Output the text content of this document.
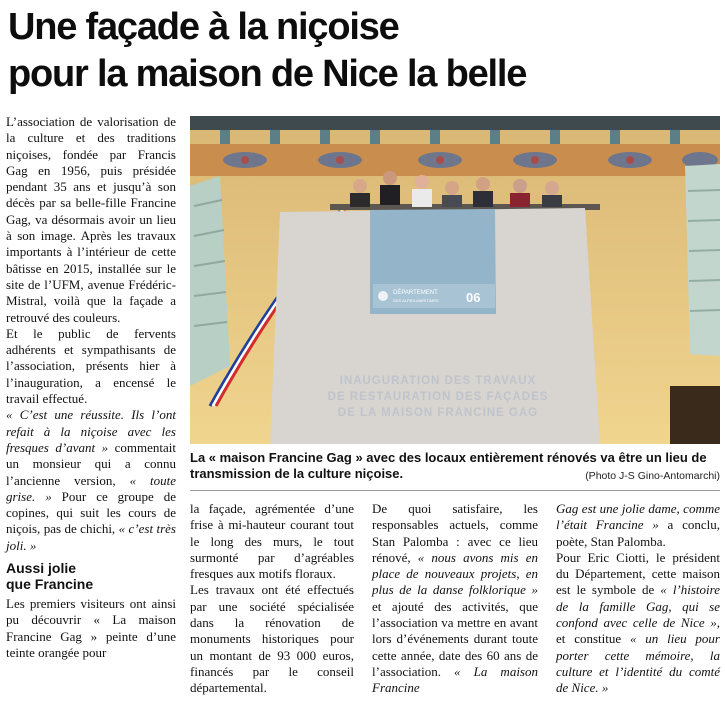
Une façade à la niçoise
pour la maison de Nice la belle

L’association de valorisation de la culture et des traditions niçoises, fondée par Francis Gag en 1956, puis présidée pendant 35 ans et jusqu’à son décès par sa belle-fille Francine Gag, va désormais avoir un lieu à son image. Après les travaux importants à l’intérieur de cette bâtisse en 2015, installée sur le site de l’UFM, avenue Frédéric-Mistral, voilà que la façade a retrouvé des couleurs.

Et le public de fervents adhérents et sympathisants de l’association, présents hier à l’inauguration, a encensé le travail effectué.

« C’est une réussite. Ils l’ont refait à la niçoise avec les fresques d’avant » commentait un monsieur qui a connu l’ancienne version, « toute grise. » Pour ce groupe de copines, qui suit les cours de niçois, pas de chichi, « c’est très joli. »

Aussi jolie
que Francine

Les premiers visiteurs ont ainsi pu découvrir « La maison Francine Gag » peinte d’une teinte orangée pour

DÉPARTEMENT
DES ALPES-MARITIMES 06
INAUGURATION DES TRAVAUX
DE RESTAURATION DES FAÇADES
DE LA MAISON FRANCINE GAG
La « maison Francine Gag » avec des locaux entièrement rénovés va être un lieu de transmission de la culture niçoise.	(Photo J-S Gino-Antomarchi)

la façade, agrémentée d’une frise à mi-hauteur courant tout le long des murs, le tout surmonté par d’agréables fresques aux motifs floraux.

Les travaux ont été effectués par une société spécialisée dans la rénovation de monuments historiques pour un montant de 93 000 euros, financés par le conseil départemental.

De quoi satisfaire, les responsables actuels, comme Stan Palomba : avec ce lieu rénové, « nous avons mis en place de nouveaux projets, en plus de la danse folklorique » et ajouté des activités, que l’association va mettre en avant lors d’événements durant toute cette année, date des 60 ans de l’association. « La maison Francine

Gag est une jolie dame, comme l’était Francine » a conclu, poète, Stan Palomba.

Pour Eric Ciotti, le président du Département, cette maison est le symbole de « l’histoire de la famille Gag, qui se confond avec celle de Nice », et constitue « un lieu pour porter cette mémoire, la culture et l’identité du comté de Nice. »
